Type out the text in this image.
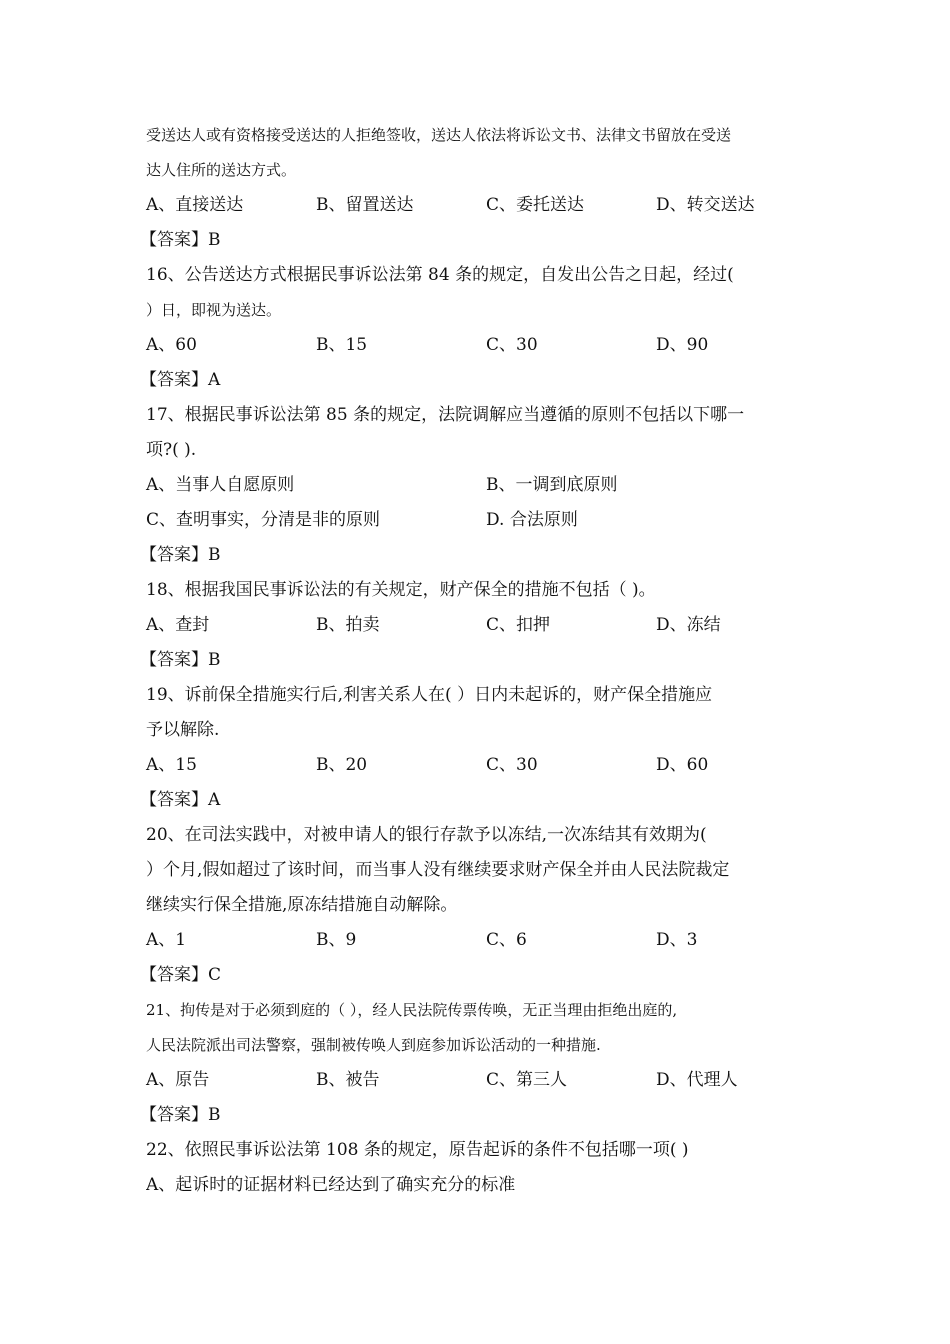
受送达人或有资格接受送达的人拒绝签收，送达人依法将诉讼文书、法律文书留放在受送
达人住所的送达方式。
A、直接送达	B、留置送达	C、委托送达	D、转交送达
【答案】B
16、公告送达方式根据民事诉讼法第 84 条的规定，自发出公告之日起，经过(
）日，即视为送达。
A、60	B、15	C、30	D、90
【答案】A
17、根据民事诉讼法第 85 条的规定，法院调解应当遵循的原则不包括以下哪一
项?( ).
A、当事人自愿原则	B、一调到底原则
C、查明事实，分清是非的原则	D. 合法原则
【答案】B
18、根据我国民事诉讼法的有关规定，财产保全的措施不包括（ )。
A、查封	B、拍卖	C、扣押	D、冻结
【答案】B
19、诉前保全措施实行后,利害关系人在( ）日内未起诉的，财产保全措施应
予以解除.
A、15	B、20	C、30	D、60
【答案】A
20、在司法实践中，对被申请人的银行存款予以冻结,一次冻结其有效期为(
）个月,假如超过了该时间，而当事人没有继续要求财产保全并由人民法院裁定
继续实行保全措施,原冻结措施自动解除。
A、1	B、9	C、6	D、3
【答案】C
21、拘传是对于必须到庭的（ ），经人民法院传票传唤，无正当理由拒绝出庭的,
人民法院派出司法警察，强制被传唤人到庭参加诉讼活动的一种措施.
A、原告	B、被告	C、第三人	D、代理人
【答案】B
22、依照民事诉讼法第 108 条的规定，原告起诉的条件不包括哪一项( )
A、起诉时的证据材料已经达到了确实充分的标准
